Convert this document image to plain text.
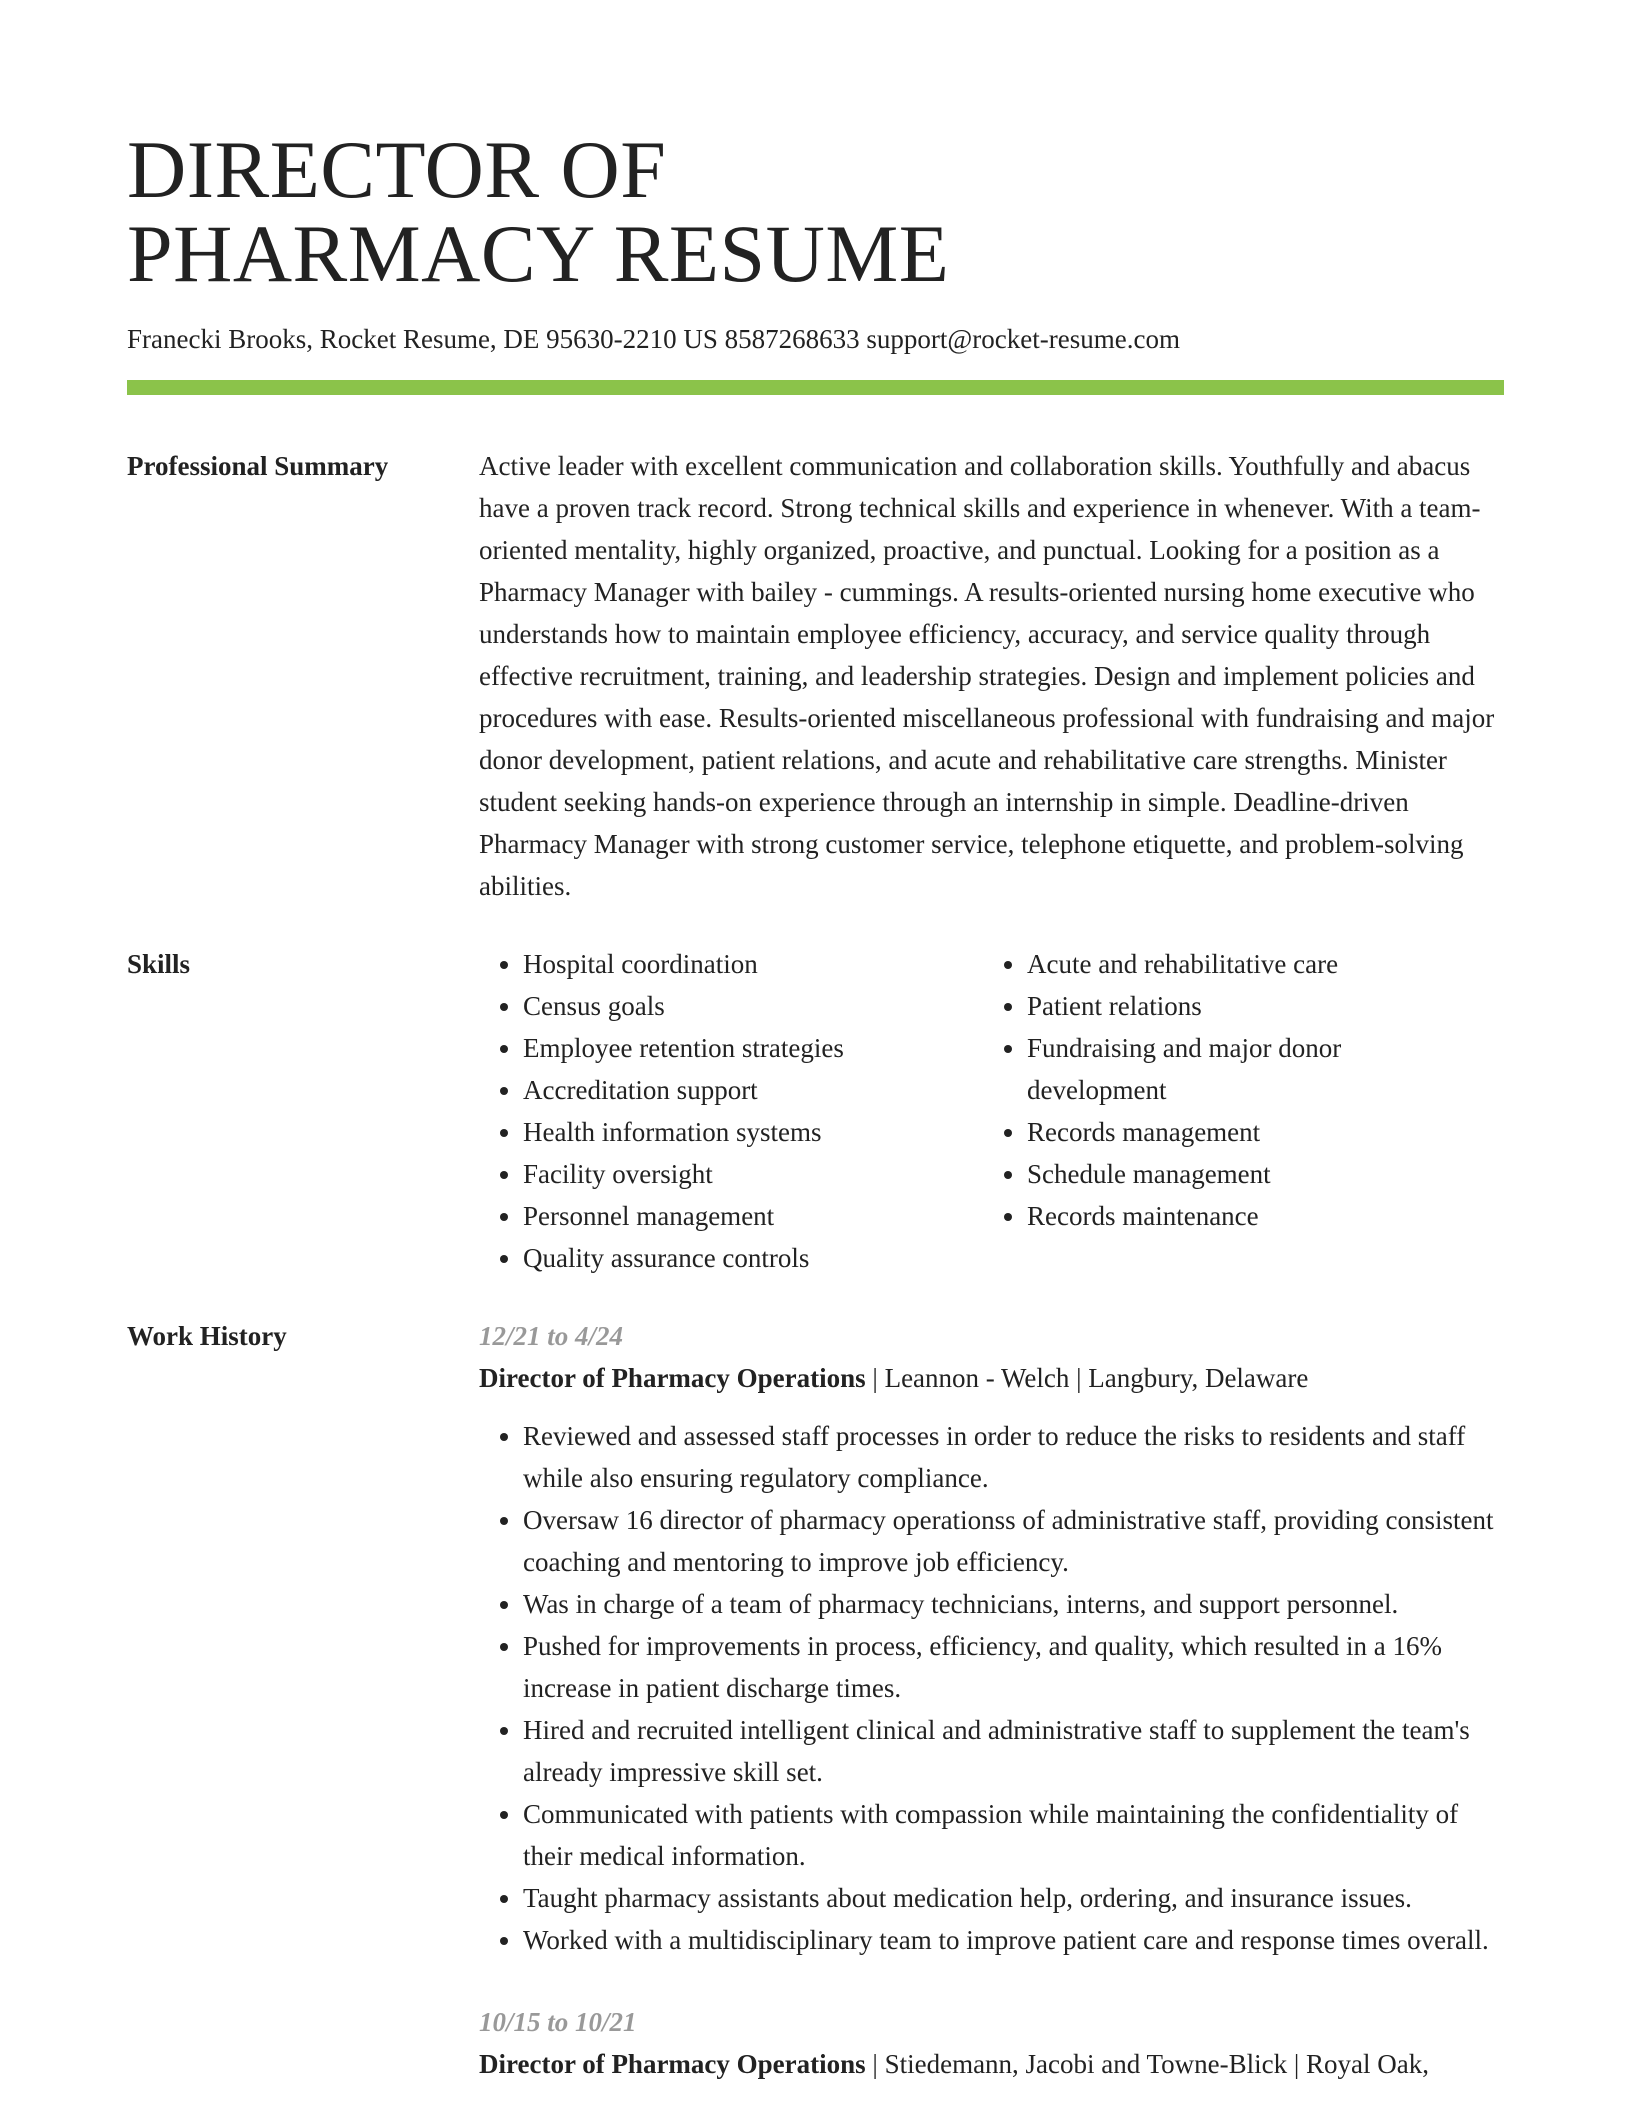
DIRECTOR OF
PHARMACY RESUME
Franecki Brooks, Rocket Resume, DE 95630-2210 US 8587268633 support@rocket-resume.com
Professional Summary	Active leader with excellent communication and collaboration skills. Youthfully and abacus have a proven track record. Strong technical skills and experience in whenever. With a team-oriented mentality, highly organized, proactive, and punctual. Looking for a position as a Pharmacy Manager with bailey - cummings. A results-oriented nursing home executive who understands how to maintain employee efficiency, accuracy, and service quality through effective recruitment, training, and leadership strategies. Design and implement policies and procedures with ease. Results-oriented miscellaneous professional with fundraising and major donor development, patient relations, and acute and rehabilitative care strengths. Minister student seeking hands-on experience through an internship in simple. Deadline-driven Pharmacy Manager with strong customer service, telephone etiquette, and problem-solving abilities.

Skills
•	Hospital coordination
• Census goals
• Employee retention strategies
• Accreditation support
• Health information systems
• Facility oversight
• Personnel management
• Quality assurance controls
• Acute and rehabilitative care
• Patient relations
• Fundraising and major donor development
• Records management
• Schedule management
• Records maintenance
Work History	12/21 to 4/24
Director of Pharmacy Operations | Leannon - Welch | Langbury, Delaware
• Reviewed and assessed staff processes in order to reduce the risks to residents and staff while also ensuring regulatory compliance.
• Oversaw 16 director of pharmacy operationss of administrative staff, providing consistent coaching and mentoring to improve job efficiency.
• Was in charge of a team of pharmacy technicians, interns, and support personnel.
• Pushed for improvements in process, efficiency, and quality, which resulted in a 16% increase in patient discharge times.
• Hired and recruited intelligent clinical and administrative staff to supplement the team's already impressive skill set.
• Communicated with patients with compassion while maintaining the confidentiality of their medical information.
• Taught pharmacy assistants about medication help, ordering, and insurance issues.
• Worked with a multidisciplinary team to improve patient care and response times overall.
10/15 to 10/21
Director of Pharmacy Operations | Stiedemann, Jacobi and Towne-Blick | Royal Oak,
